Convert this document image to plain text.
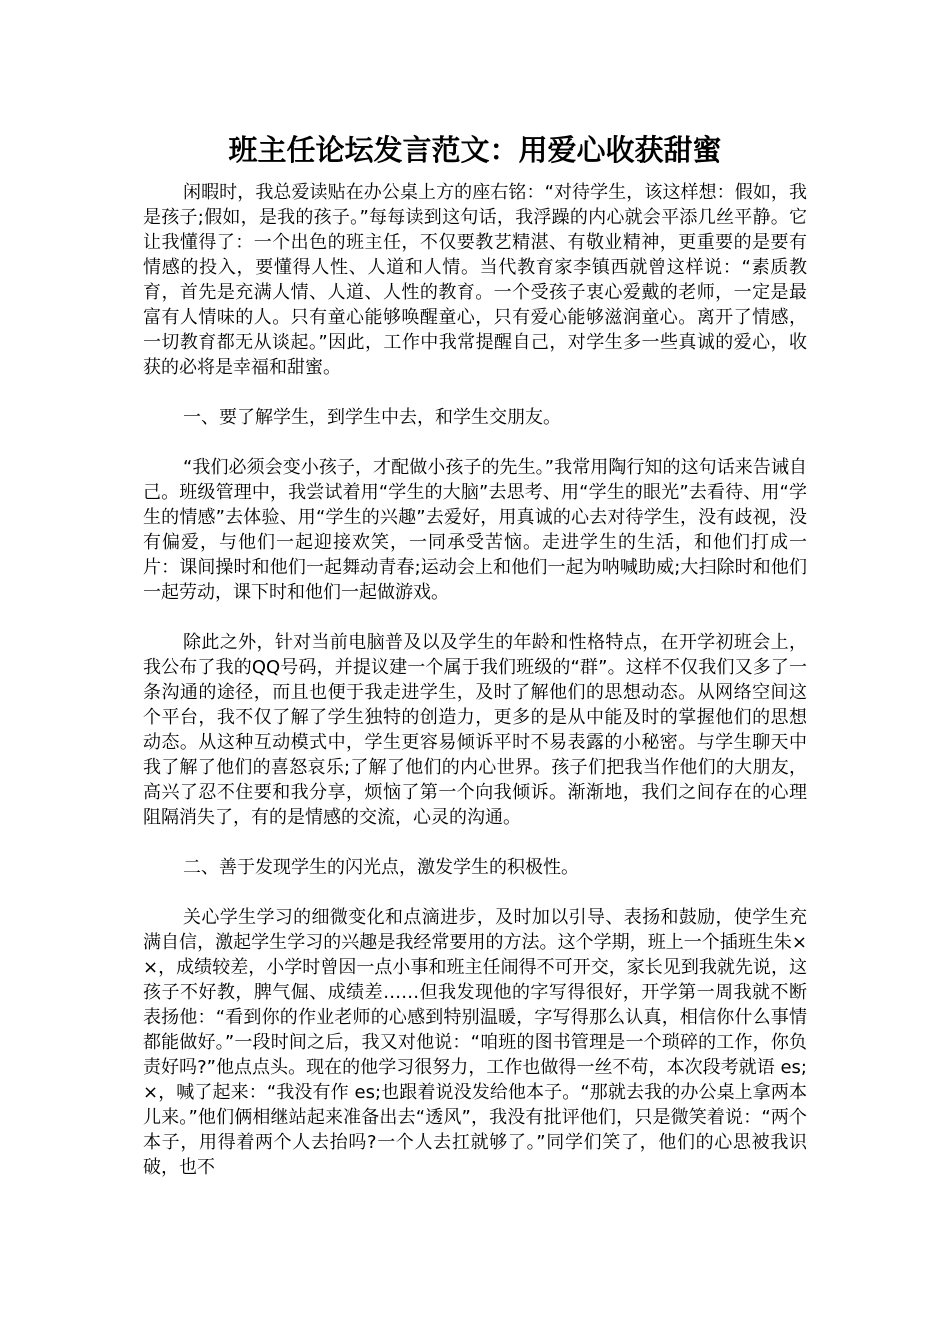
班主任论坛发言范文：用爱心收获甜蜜

闲暇时，我总爱读贴在办公桌上方的座右铭：“对待学生，该这样想：假如，我是孩子;假如，是我的孩子。”每每读到这句话，我浮躁的内心就会平添几丝平静。它让我懂得了：一个出色的班主任，不仅要教艺精湛、有敬业精神，更重要的是要有情感的投入，要懂得人性、人道和人情。当代教育家李镇西就曾这样说：“素质教育，首先是充满人情、人道、人性的教育。一个受孩子衷心爱戴的老师，一定是最富有人情味的人。只有童心能够唤醒童心，只有爱心能够滋润童心。离开了情感，一切教育都无从谈起。”因此，工作中我常提醒自己，对学生多一些真诚的爱心，收获的必将是幸福和甜蜜。

一、要了解学生，到学生中去，和学生交朋友。

“我们必须会变小孩子，才配做小孩子的先生。”我常用陶行知的这句话来告诫自己。班级管理中，我尝试着用“学生的大脑”去思考、用“学生的眼光”去看待、用“学生的情感”去体验、用“学生的兴趣”去爱好，用真诚的心去对待学生，没有歧视，没有偏爱，与他们一起迎接欢笑，一同承受苦恼。走进学生的生活，和他们打成一片：课间操时和他们一起舞动青春;运动会上和他们一起为呐喊助威;大扫除时和他们一起劳动，课下时和他们一起做游戏。

除此之外，针对当前电脑普及以及学生的年龄和性格特点，在开学初班会上，我公布了我的QQ号码，并提议建一个属于我们班级的“群”。这样不仅我们又多了一条沟通的途径，而且也便于我走进学生，及时了解他们的思想动态。从网络空间这个平台，我不仅了解了学生独特的创造力，更多的是从中能及时的掌握他们的思想动态。从这种互动模式中，学生更容易倾诉平时不易表露的小秘密。与学生聊天中我了解了他们的喜怒哀乐;了解了他们的内心世界。孩子们把我当作他们的大朋友，高兴了忍不住要和我分享，烦恼了第一个向我倾诉。渐渐地，我们之间存在的心理阻隔消失了，有的是情感的交流，心灵的沟通。

二、善于发现学生的闪光点，激发学生的积极性。

关心学生学习的细微变化和点滴进步，及时加以引导、表扬和鼓励，使学生充满自信，激起学生学习的兴趣是我经常要用的方法。这个学期，班上一个插班生朱××，成绩较差，小学时曾因一点小事和班主任闹得不可开交，家长见到我就先说，这孩子不好教，脾气倔、成绩差……但我发现他的字写得很好，开学第一周我就不断表扬他：“看到你的作业老师的心感到特别温暖，字写得那么认真，相信你什么事情都能做好。”一段时间之后，我又对他说：“咱班的图书管理是一个琐碎的工作，你负责好吗?”他点点头。现在的他学习很努力，工作也做得一丝不苟，本次段考就语 es;×，喊了起来：“我没有作 es;也跟着说没发给他本子。“那就去我的办公桌上拿两本儿来。”他们俩相继站起来准备出去“透风”，我没有批评他们，只是微笑着说：“两个本子，用得着两个人去抬吗?一个人去扛就够了。”同学们笑了，他们的心思被我识破，也不
